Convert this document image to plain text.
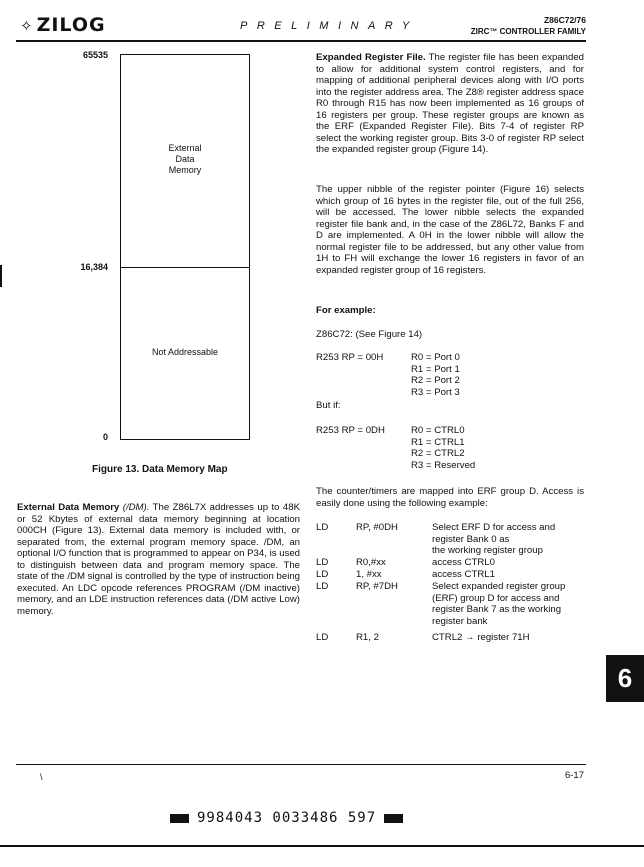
✧ ZILOG	PRELIMINARY	Z86C72/76
ZIRC™ CONTROLLER FAMILY
65535
16,384
0
External
Data
Memory
Not Addressable
Figure 13. Data Memory Map
External Data Memory (/DM). The Z86L7X addresses up to 48K or 52 Kbytes of external data memory beginning at location 000CH (Figure 13). External data memory is included with, or separated from, the external program memory space. /DM, an optional I/O function that is programmed to appear on P34, is used to distinguish between data and program memory space. The state of the /DM signal is controlled by the type of instruction being executed. An LDC opcode references PROGRAM (/DM inactive) memory, and an LDE instruction references data (/DM active Low) memory.
Expanded Register File. The register file has been expanded to allow for additional system control registers, and for mapping of additional peripheral devices along with I/O ports into the register address area. The Z8® register address space R0 through R15 has now been implemented as 16 groups of 16 registers per group. These register groups are known as the ERF (Expanded Register File). Bits 7-4 of register RP select the working register group. Bits 3-0 of register RP select the expanded register group (Figure 14).
The upper nibble of the register pointer (Figure 16) selects which group of 16 bytes in the register file, out of the full 256, will be accessed. The lower nibble selects the expanded register file bank and, in the case of the Z86L72, Banks F and D are implemented. A 0H in the lower nibble will allow the normal register file to be addressed, but any other value from 1H to FH will exchange the lower 16 registers in favor of an expanded register group of 16 registers.
For example:
Z86C72: (See Figure 14)
R253 RP = 00H	R0 = Port 0
R1 = Port 1
R2 = Port 2
R3 = Port 3
But if:
R253 RP = 0DH	R0 = CTRL0
R1 = CTRL1
R2 = CTRL2
R3 = Reserved
The counter/timers are mapped into ERF group D. Access is easily done using the following example:
LD	RP, #0DH	Select ERF D for access and
register Bank 0 as
the working register group
LD	R0,#xx	access CTRL0
LD	1, #xx	access CTRL1
LD	RP, #7DH	Select expanded register group
(ERF) group D for access and
register Bank 7 as the working
register bank
LD	R1, 2	CTRL2 → register 71H
6
\	6-17
9984043 0033486 597
